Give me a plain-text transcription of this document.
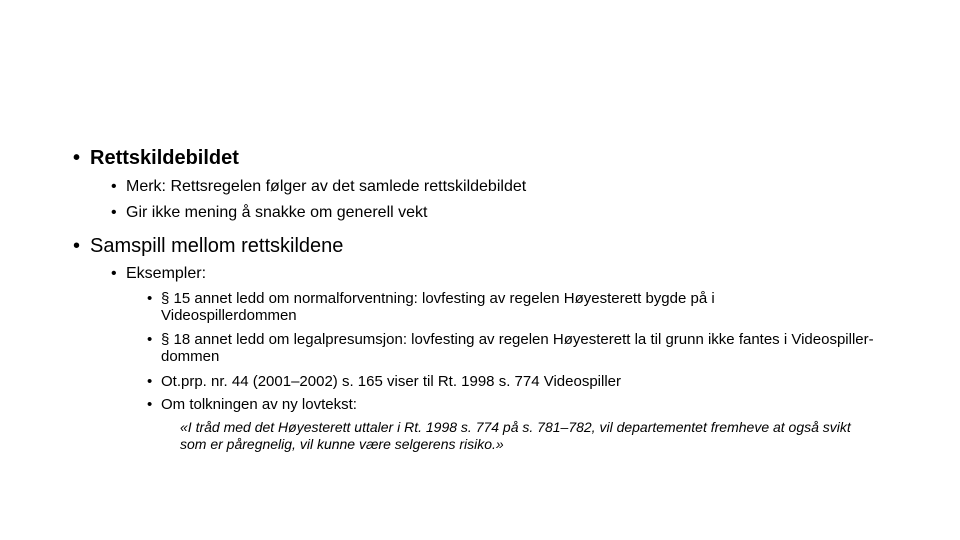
• Rettskildebildet
• Merk: Rettsregelen følger av det samlede rettskildebildet
• Gir ikke mening å snakke om generell vekt
• Samspill mellom rettskildene
• Eksempler:
• § 15 annet ledd om normalforventning: lovfesting av regelen Høyesterett bygde på i Videospillerdommen
• § 18 annet ledd om legalpresumsjon: lovfesting av regelen Høyesterett la til grunn ikke fantes i Videospiller-dommen
• Ot.prp. nr. 44 (2001–2002) s. 165 viser til Rt. 1998 s. 774 Videospiller
• Om tolkningen av ny lovtekst:
«I tråd med det Høyesterett uttaler i Rt. 1998 s. 774 på s. 781–782, vil departementet fremheve at også svikt som er påregnelig, vil kunne være selgerens risiko.»
